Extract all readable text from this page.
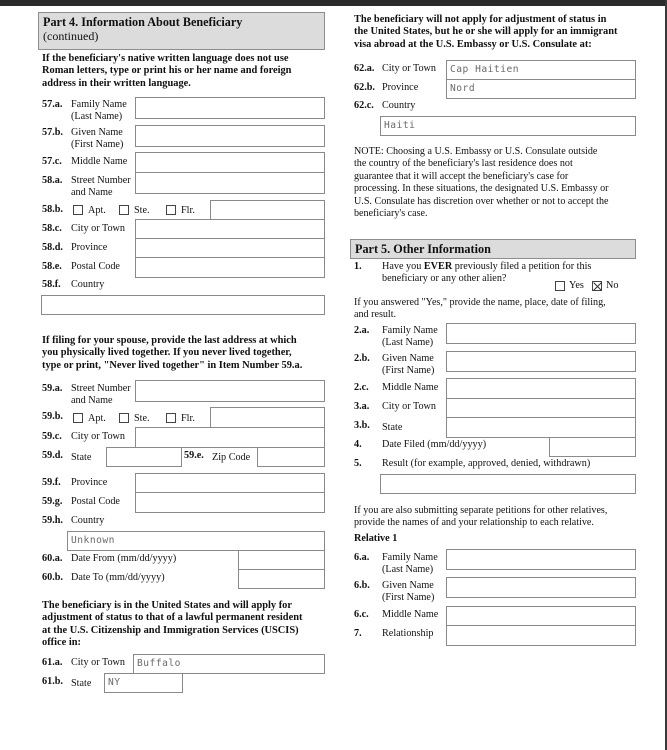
Part 4. Information About Beneficiary
(continued)
If the beneficiary's native written language does not use
Roman letters, type or print his or her name and foreign
address in their written language.
57.a. Family Name
(Last Name)
57.b. Given Name
(First Name)
57.c. Middle Name
58.a. Street Number
and Name
58.b. Apt.	Ste.	Flr.
58.c. City or Town
58.d. Province
58.e. Postal Code
58.f. Country
If filing for your spouse, provide the last address at which
you physically lived together. If you never lived together,
type or print, "Never lived together" in Item Number 59.a.
59.a. Street Number
and Name
59.b. Apt.	Ste.	Flr.
59.c. City or Town
59.d. State	59.e. Zip Code
59.f. Province
59.g. Postal Code
59.h. Country
Unknown
60.a. Date From (mm/dd/yyyy)
60.b. Date To (mm/dd/yyyy)
The beneficiary is in the United States and will apply for
adjustment of status to that of a lawful permanent resident
at the U.S. Citizenship and Immigration Services (USCIS)
office in:
61.a. City or Town	Buffalo
61.b. State	NY
The beneficiary will not apply for adjustment of status in
the United States, but he or she will apply for an immigrant
visa abroad at the U.S. Embassy or U.S. Consulate at:
62.a. City or Town	Cap Haitien
62.b. Province	Nord
62.c. Country
Haiti
NOTE: Choosing a U.S. Embassy or U.S. Consulate outside
the country of the beneficiary's last residence does not
guarantee that it will accept the beneficiary's case for
processing. In these situations, the designated U.S. Embassy or
U.S. Consulate has discretion over whether or not to accept the
beneficiary's case.
Part 5. Other Information
1. Have you EVER previously filed a petition for this
beneficiary or any other alien?
Yes No
If you answered "Yes," provide the name, place, date of filing,
and result.
2.a. Family Name
(Last Name)
2.b. Given Name
(First Name)
2.c. Middle Name
3.a. City or Town
3.b. State
4. Date Filed (mm/dd/yyyy)
5. Result (for example, approved, denied, withdrawn)
If you are also submitting separate petitions for other relatives,
provide the names of and your relationship to each relative.
Relative 1
6.a. Family Name
(Last Name)
6.b. Given Name
(First Name)
6.c. Middle Name
7. Relationship
